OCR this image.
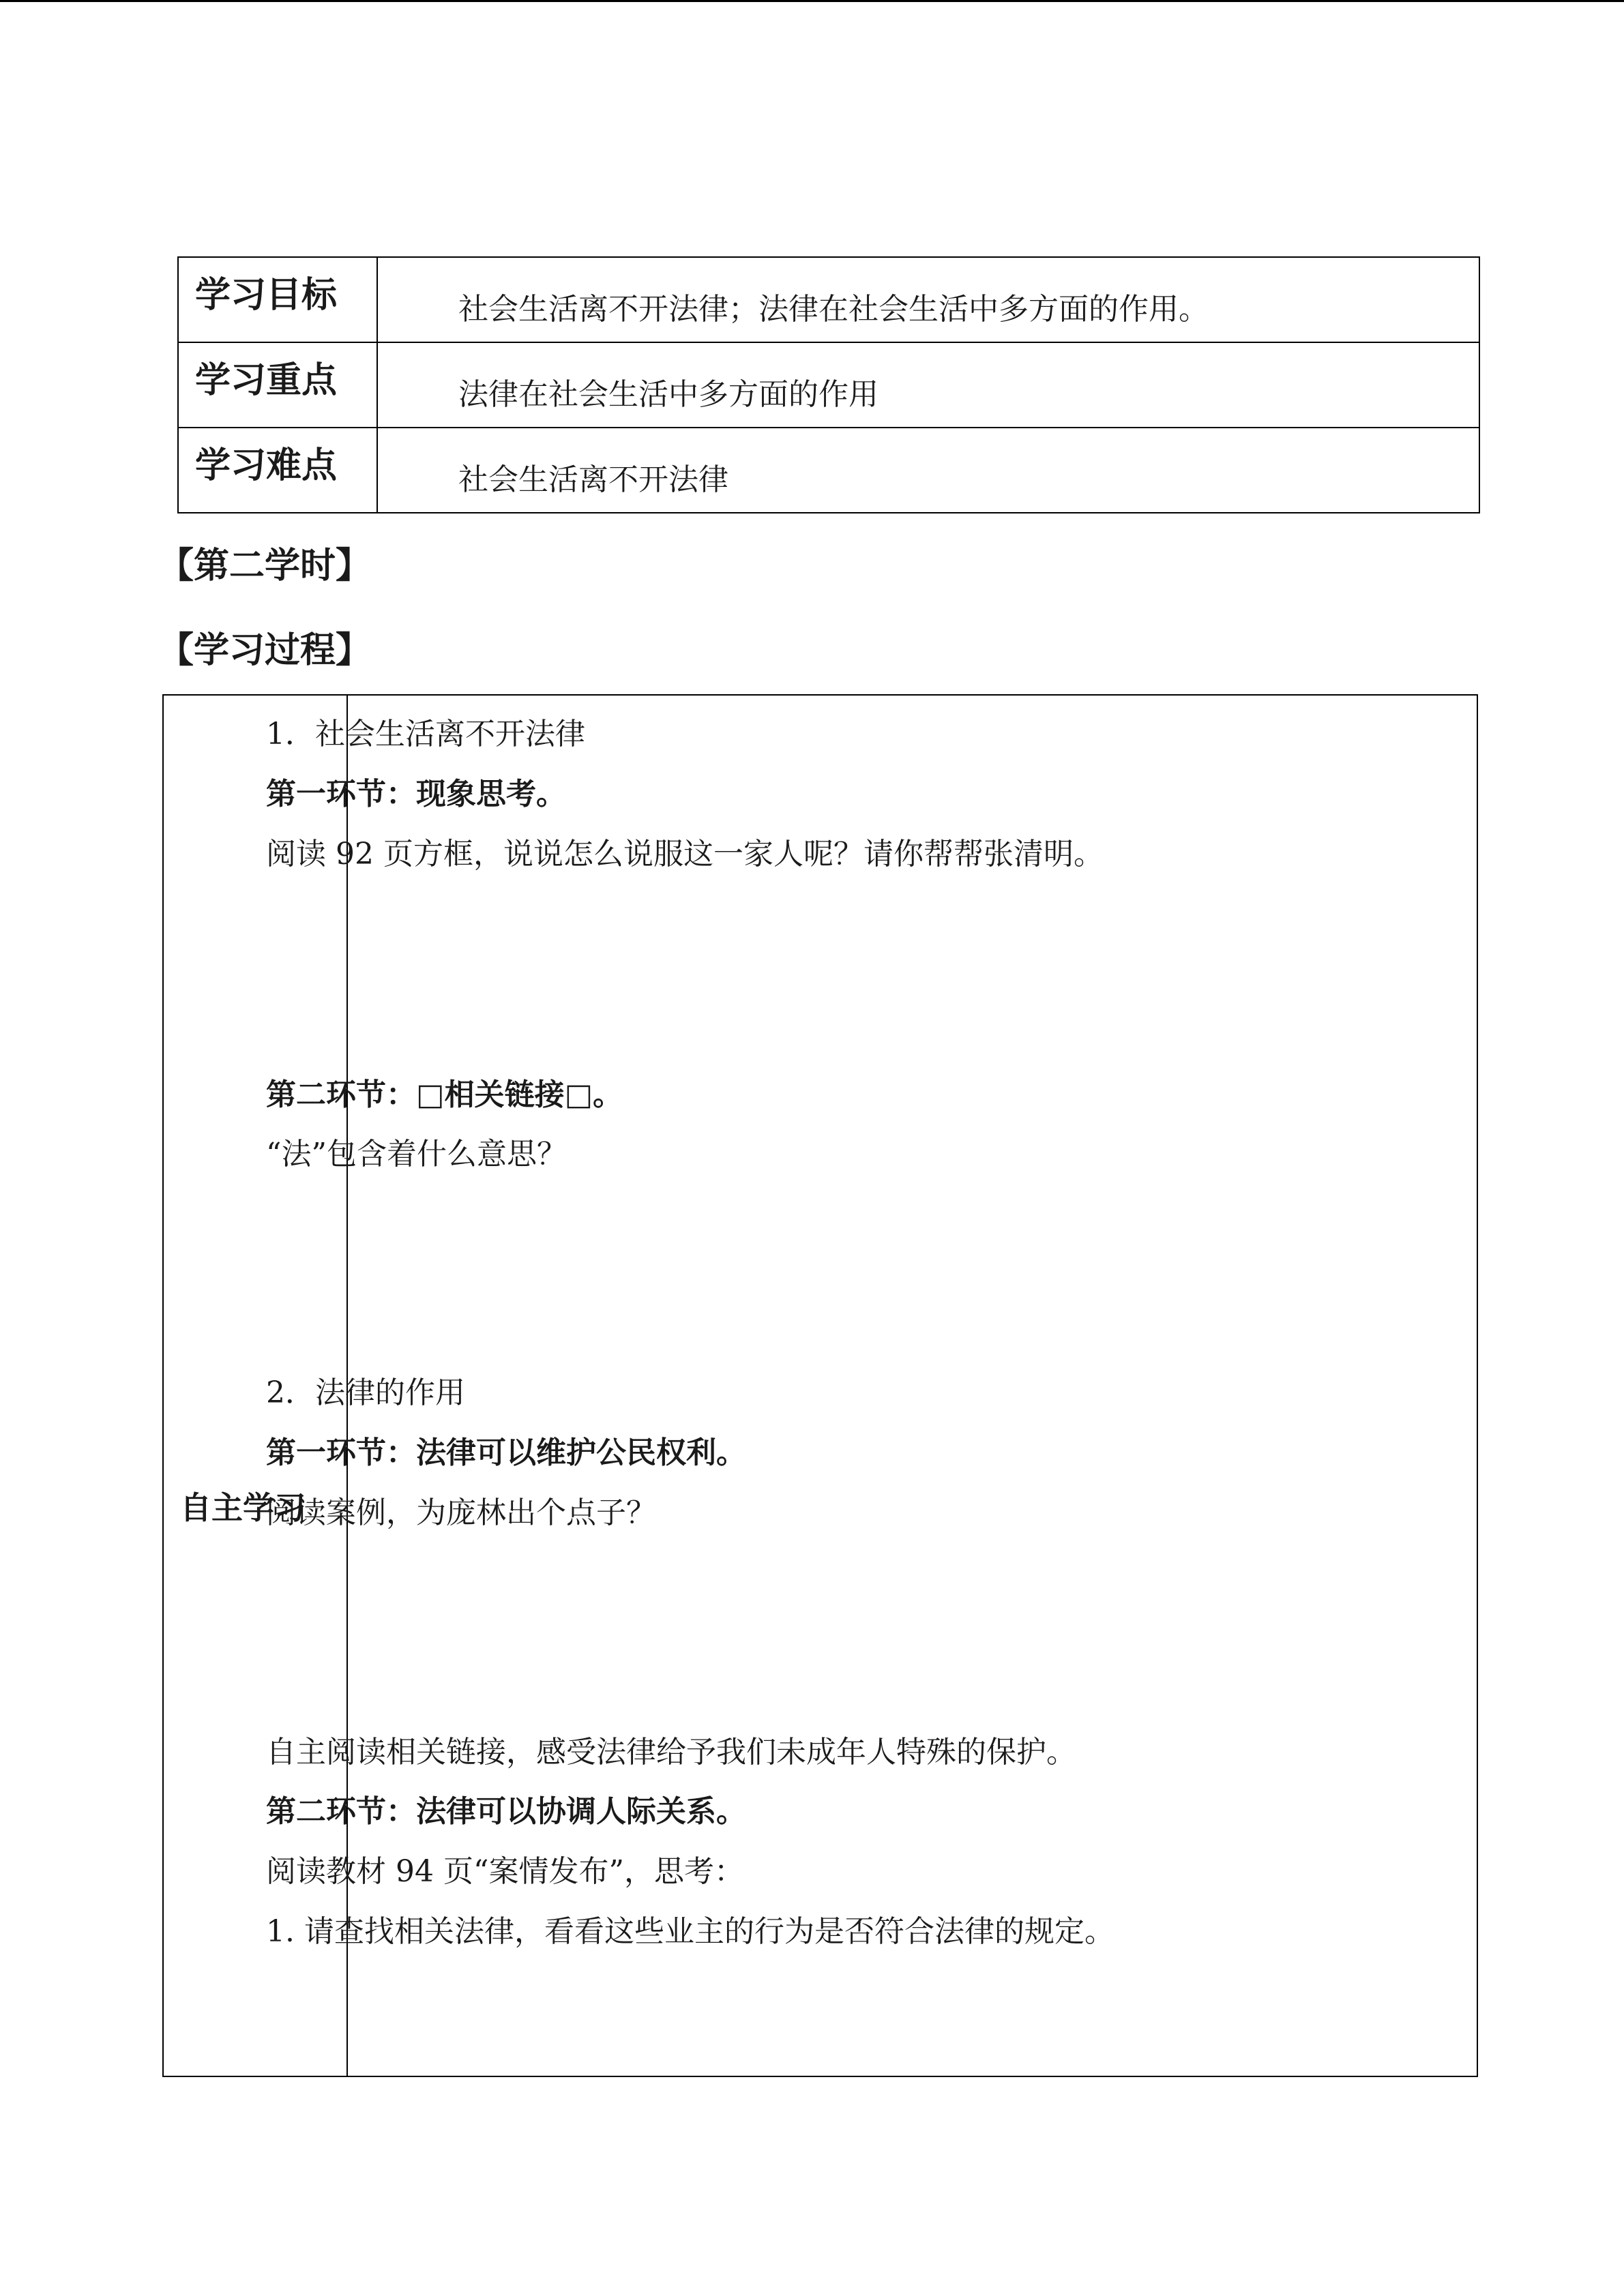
学习目标	社会生活离不开法律；法律在社会生活中多方面的作用。
学习重点	法律在社会生活中多方面的作用
学习难点	社会生活离不开法律
【第二学时】
【学习过程】
自主学习
1．社会生活离不开法律
第一环节：现象思考。
阅读 92 页方框，说说怎么说服这一家人呢？请你帮帮张清明。
第二环节：□相关链接□。
“法”包含着什么意思？
2．法律的作用
第一环节：法律可以维护公民权利。
阅读案例，为庞林出个点子？
自主阅读相关链接，感受法律给予我们未成年人特殊的保护。
第二环节：法律可以协调人际关系。
阅读教材 94 页“案情发布”，思考：
1. 请查找相关法律，看看这些业主的行为是否符合法律的规定。
